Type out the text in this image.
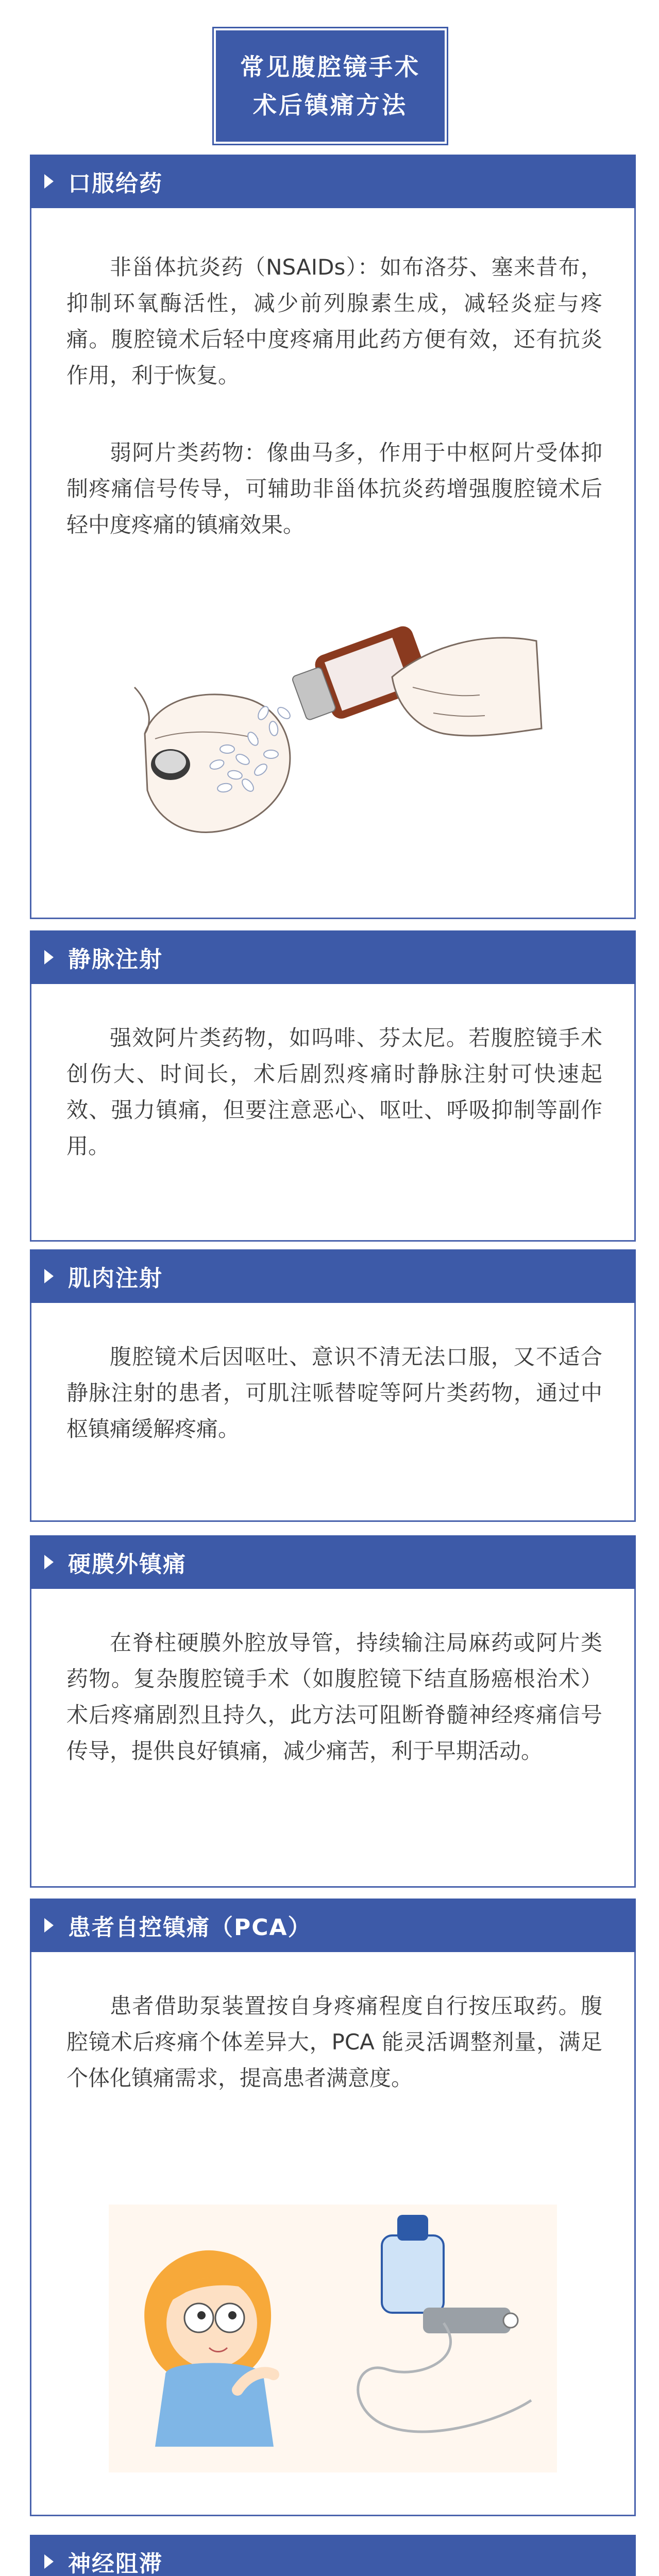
常见腹腔镜手术
术后镇痛方法
口服给药

非甾体抗炎药（NSAIDs）：如布洛芬、塞来昔布，抑制环氧酶活性，减少前列腺素生成，减轻炎症与疼痛。腹腔镜术后轻中度疼痛用此药方便有效，还有抗炎作用，利于恢复。

弱阿片类药物：像曲马多，作用于中枢阿片受体抑制疼痛信号传导，可辅助非甾体抗炎药增强腹腔镜术后轻中度疼痛的镇痛效果。

静脉注射

强效阿片类药物，如吗啡、芬太尼。若腹腔镜手术创伤大、时间长，术后剧烈疼痛时静脉注射可快速起效、强力镇痛，但要注意恶心、呕吐、呼吸抑制等副作用。

肌肉注射

腹腔镜术后因呕吐、意识不清无法口服，又不适合静脉注射的患者，可肌注哌替啶等阿片类药物，通过中枢镇痛缓解疼痛。

硬膜外镇痛

在脊柱硬膜外腔放导管，持续输注局麻药或阿片类药物。复杂腹腔镜手术（如腹腔镜下结直肠癌根治术）术后疼痛剧烈且持久，此方法可阻断脊髓神经疼痛信号传导，提供良好镇痛，减少痛苦，利于早期活动。

患者自控镇痛（PCA）

患者借助泵装置按自身疼痛程度自行按压取药。腹腔镜术后疼痛个体差异大，PCA 能灵活调整剂量，满足个体化镇痛需求，提高患者满意度。

神经阻滞
